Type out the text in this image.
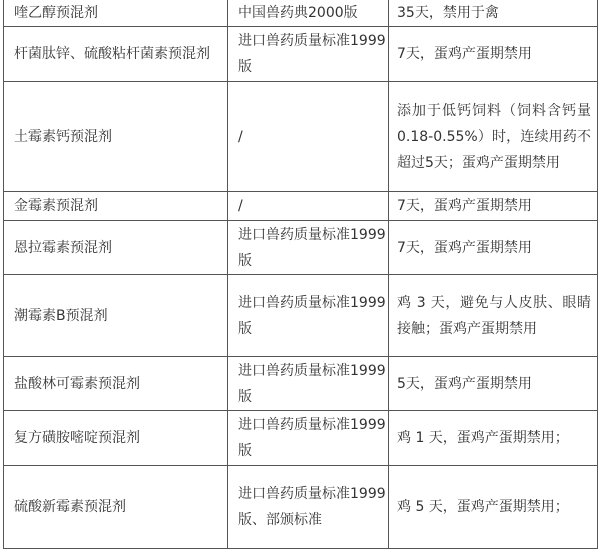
喹乙醇预混剂	中国兽药典2000版	35天，禁用于禽
杆菌肽锌、硫酸粘杆菌素预混剂	进口兽药质量标准1999版	7天，蛋鸡产蛋期禁用
土霉素钙预混剂	/	添加于低钙饲料（饲料含钙量0.18-0.55%）时，连续用药不超过5天；蛋鸡产蛋期禁用
金霉素预混剂	/	7天，蛋鸡产蛋期禁用
恩拉霉素预混剂	进口兽药质量标准1999版	7天，蛋鸡产蛋期禁用
潮霉素B预混剂	进口兽药质量标准1999版	鸡 3 天，避免与人皮肤、眼睛接触；蛋鸡产蛋期禁用
盐酸林可霉素预混剂	进口兽药质量标准1999版	5天，蛋鸡产蛋期禁用
复方磺胺嘧啶预混剂	进口兽药质量标准1999版	鸡 1 天，蛋鸡产蛋期禁用；
硫酸新霉素预混剂	进口兽药质量标准1999版、部颁标准	鸡 5 天，蛋鸡产蛋期禁用；
